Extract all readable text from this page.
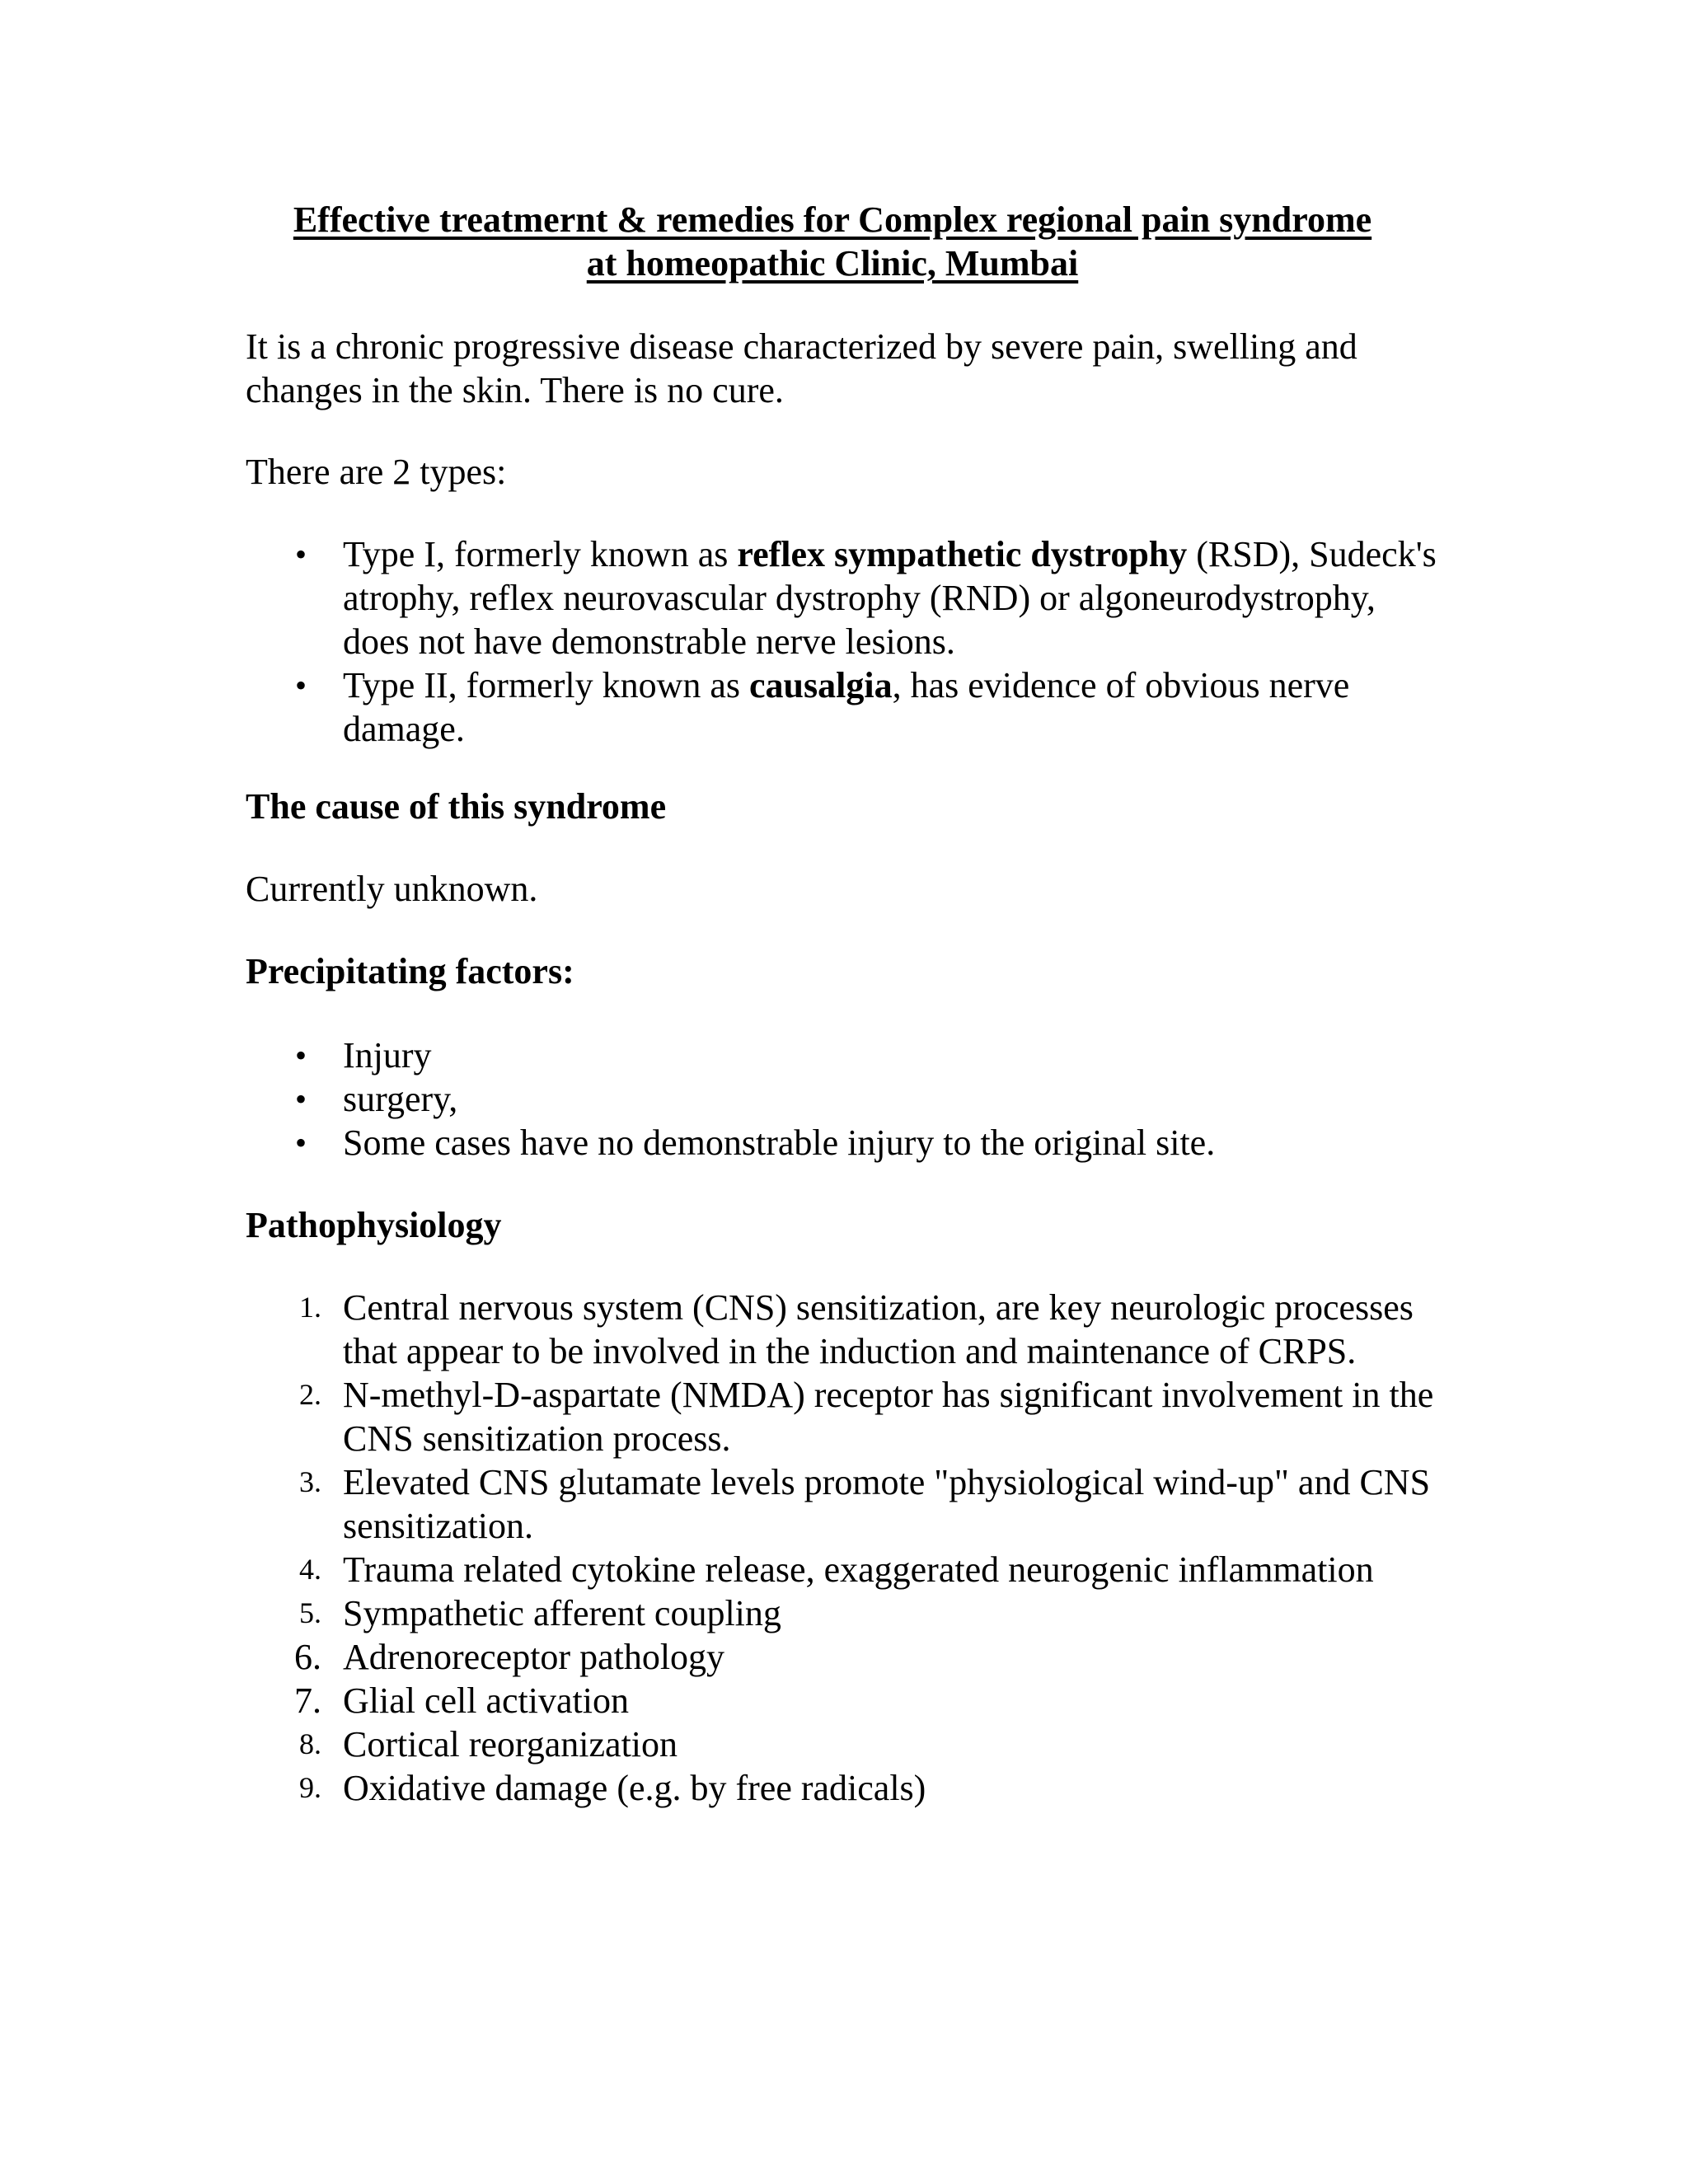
Effective treatmernt & remedies for Complex regional pain syndrome
at homeopathic Clinic, Mumbai

It is a chronic progressive disease characterized by severe pain, swelling and changes in the skin. There is no cure.

There are 2 types:

• Type I, formerly known as reflex sympathetic dystrophy (RSD), Sudeck's atrophy, reflex neurovascular dystrophy (RND) or algoneurodystrophy, does not have demonstrable nerve lesions.
• Type II, formerly known as causalgia, has evidence of obvious nerve damage.

The cause of this syndrome

Currently unknown.

Precipitating factors:

• Injury
• surgery,
• Some cases have no demonstrable injury to the original site.

Pathophysiology

1. Central nervous system (CNS) sensitization, are key neurologic processes that appear to be involved in the induction and maintenance of CRPS.
2. N-methyl-D-aspartate (NMDA) receptor has significant involvement in the CNS sensitization process.
3. Elevated CNS glutamate levels promote "physiological wind-up" and CNS sensitization.
4. Trauma related cytokine release, exaggerated neurogenic inflammation
5. Sympathetic afferent coupling
6. Adrenoreceptor pathology
7. Glial cell activation
8. Cortical reorganization
9. Oxidative damage (e.g. by free radicals)
